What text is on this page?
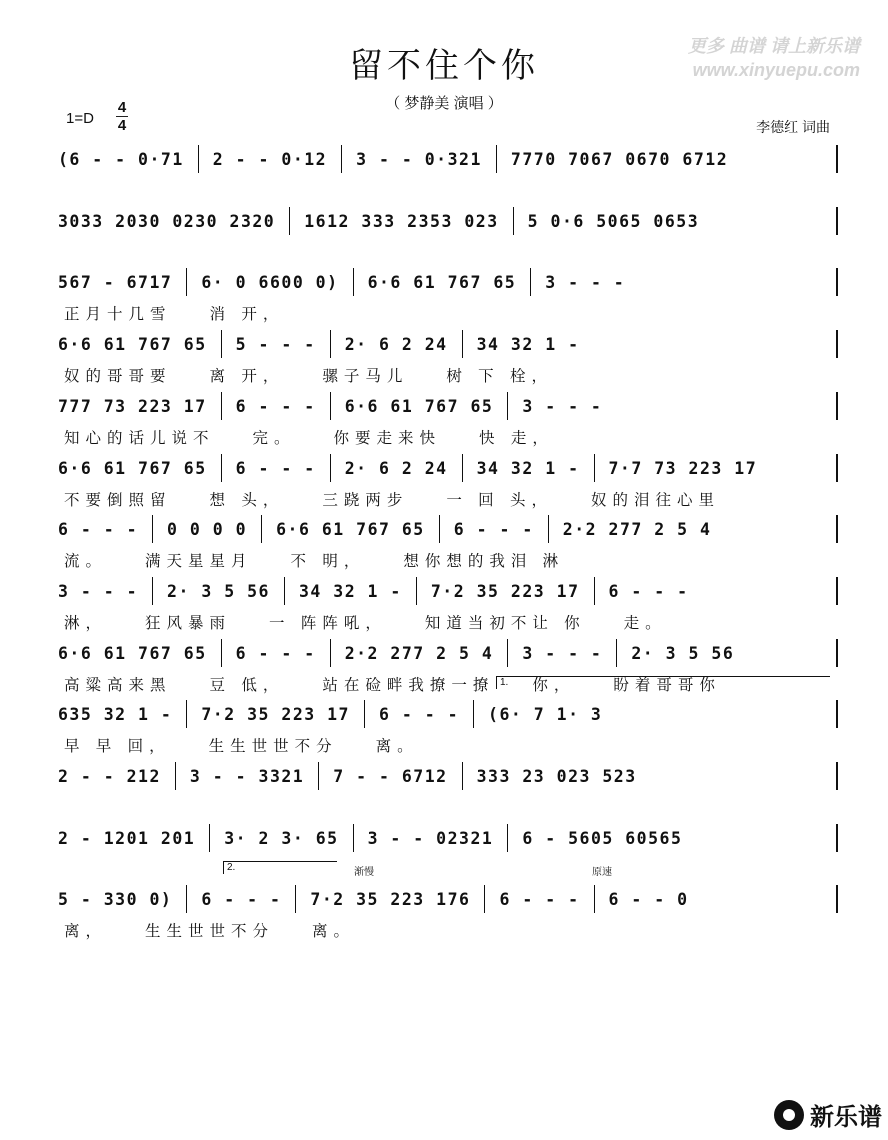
留不住个你
（ 梦静美 演唱 ）
1=D
4
4	李德红 词曲
更多 曲谱 请上新乐谱
www.xinyuepu.com
(6 - - 0·71 2 - - 0·12 3 - - 0·321 7770 7067 0670 6712
3033 2030 0230 2320 1612 333 2353 023 5 0·6 5065 0653
567 - 6717 6· 0 6600 0) 6·6 61 767 65 3 - - -
正月十几雪 消 开，
6·6 61 767 65 5 - - - 2· 6 2 24 34 32 1 -
奴的哥哥要 离 开， 骡子马儿 树 下 栓，
777 73 223 17 6 - - - 6·6 61 767 65 3 - - -
知心的话儿说不 完。 你要走来快 快 走，
6·6 61 767 65 6 - - - 2· 6 2 24 34 32 1 - 7·7 73 223 17
不要倒照留 想 头， 三跷两步 一 回 头， 奴的泪往心里
6 - - - 0 0 0 0 6·6 61 767 65 6 - - - 2·2 277 2 5 4
流。 满天星星月 不 明， 想你想的我泪 淋
3 - - - 2· 3 5 56 34 32 1 - 7·2 35 223 17 6 - - -
淋， 狂风暴雨 一 阵阵吼， 知道当初不让 你 走。
6·6 61 767 65 6 - - - 2·2 277 2 5 4 3 - - - 2· 3 5 56
高粱高来黑 豆 低， 站在硷畔我撩一撩 你， 盼着哥哥你
635 32 1 - 7·2 35 223 17 6 - - - (6· 7 1· 3
早 早 回， 生生世世不分 离。
1.
2 - - 212 3 - - 3321 7 - - 6712 333 23 023 523
2 - 1201 201 3· 2 3· 65 3 - - 02321 6 - 5605 60565
5 - 330 0) 6 - - - 7·2 35 223 176 6 - - - 6 - - 0
离， 生生世世不分 离。
2.	渐慢	原速
新乐谱
